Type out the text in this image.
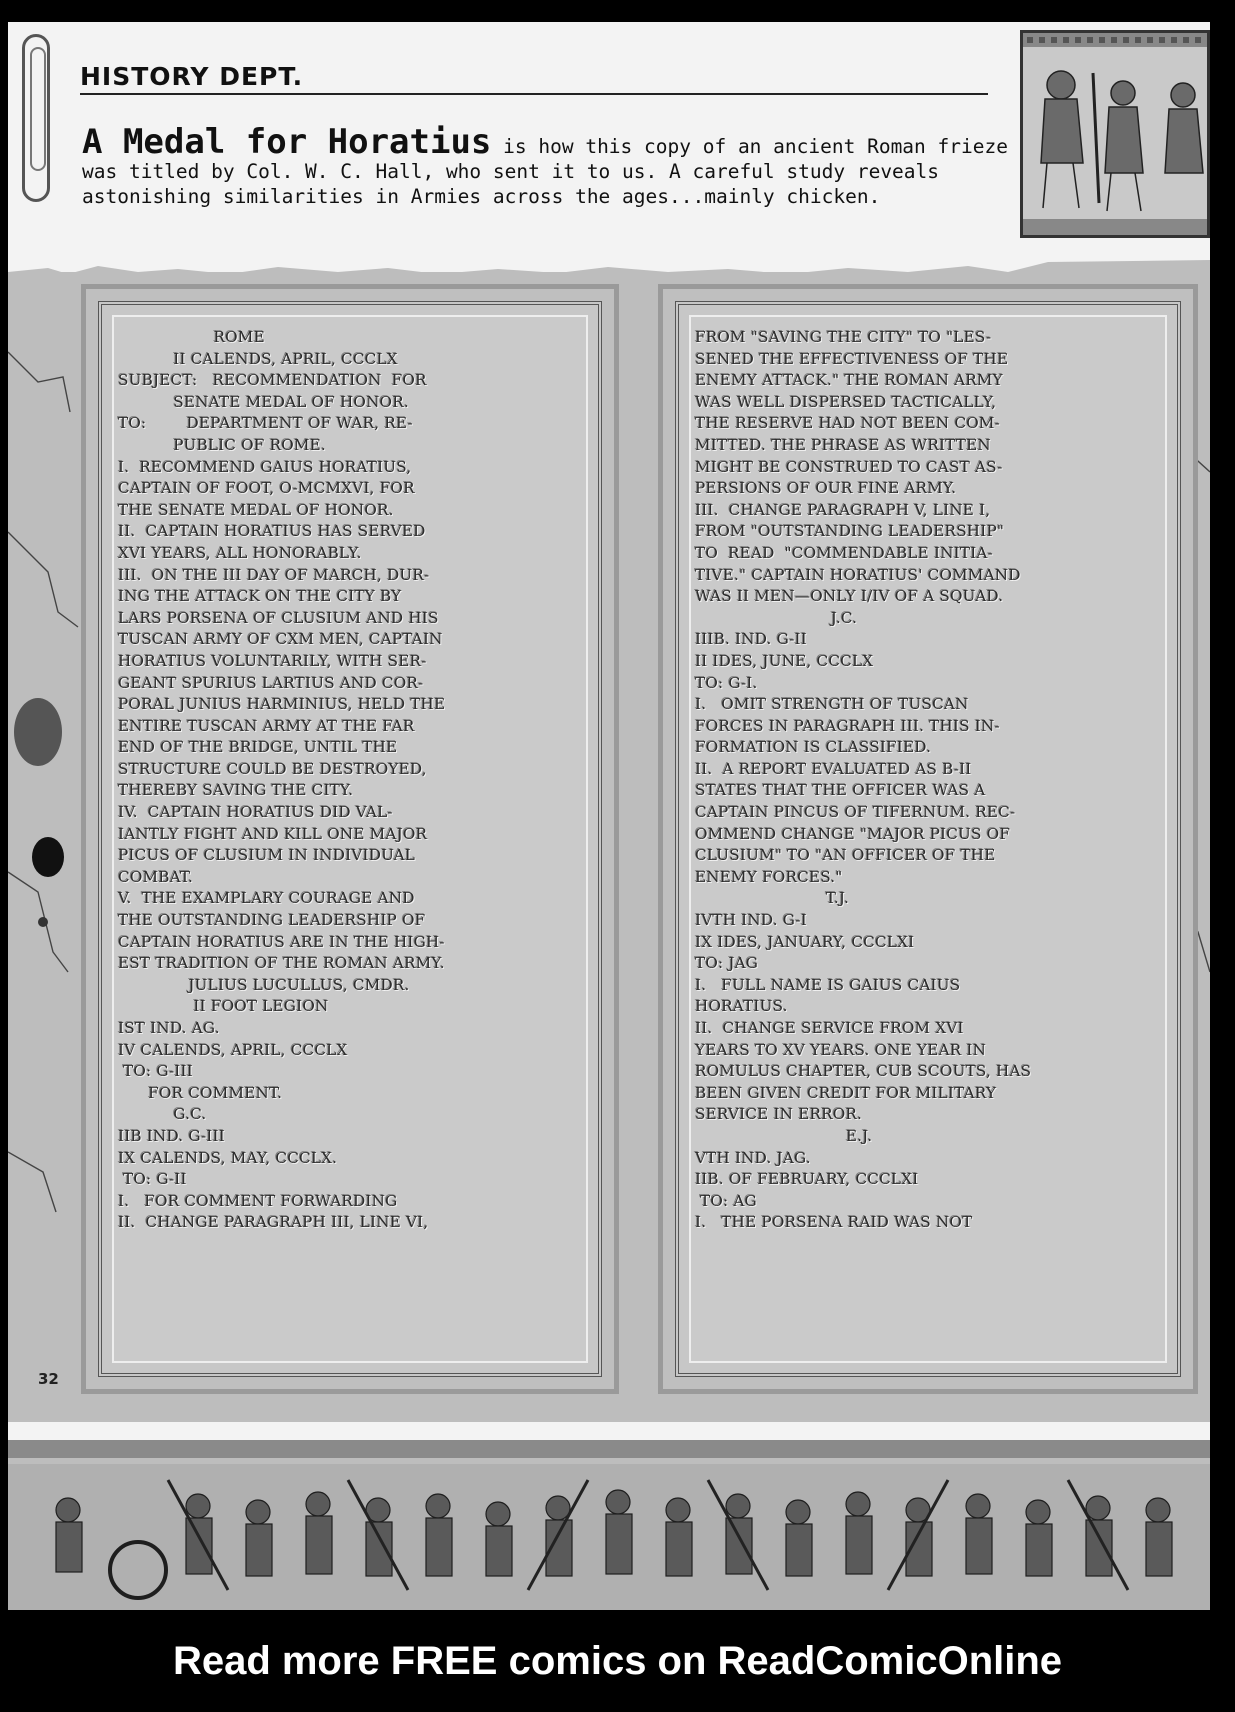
HISTORY DEPT.
A Medal for Horatius is how this copy of an ancient Roman frieze was titled by Col. W. C. Hall, who sent it to us. A careful study reveals astonishing similarities in Armies across the ages...mainly chicken.
ROME
II CALENDS, APRIL, CCCLX
SUBJECT:   RECOMMENDATION  FOR
SENATE MEDAL OF HONOR.
TO:        DEPARTMENT OF WAR, RE-
PUBLIC OF ROME.
I.  RECOMMEND GAIUS HORATIUS,
CAPTAIN OF FOOT, O-MCMXVI, FOR
THE SENATE MEDAL OF HONOR.
II.  CAPTAIN HORATIUS HAS SERVED
XVI YEARS, ALL HONORABLY.
III.  ON THE III DAY OF MARCH, DUR-
ING THE ATTACK ON THE CITY BY
LARS PORSENA OF CLUSIUM AND HIS
TUSCAN ARMY OF CXM MEN, CAPTAIN
HORATIUS VOLUNTARILY, WITH SER-
GEANT SPURIUS LARTIUS AND COR-
PORAL JUNIUS HARMINIUS, HELD THE
ENTIRE TUSCAN ARMY AT THE FAR
END OF THE BRIDGE, UNTIL THE
STRUCTURE COULD BE DESTROYED,
THEREBY SAVING THE CITY.
IV.  CAPTAIN HORATIUS DID VAL-
IANTLY FIGHT AND KILL ONE MAJOR
PICUS OF CLUSIUM IN INDIVIDUAL
COMBAT.
V.  THE EXAMPLARY COURAGE AND
THE OUTSTANDING LEADERSHIP OF
CAPTAIN HORATIUS ARE IN THE HIGH-
EST TRADITION OF THE ROMAN ARMY.
JULIUS LUCULLUS, CMDR.
II FOOT LEGION
IST IND. AG.
IV CALENDS, APRIL, CCCLX
TO: G-III
FOR COMMENT.
G.C.
IIB IND. G-III
IX CALENDS, MAY, CCCLX.
TO: G-II
I.   FOR COMMENT FORWARDING
II.  CHANGE PARAGRAPH III, LINE VI,
FROM "SAVING THE CITY" TO "LES-
SENED THE EFFECTIVENESS OF THE
ENEMY ATTACK." THE ROMAN ARMY
WAS WELL DISPERSED TACTICALLY,
THE RESERVE HAD NOT BEEN COM-
MITTED. THE PHRASE AS WRITTEN
MIGHT BE CONSTRUED TO CAST AS-
PERSIONS OF OUR FINE ARMY.
III.  CHANGE PARAGRAPH V, LINE I,
FROM "OUTSTANDING LEADERSHIP"
TO  READ  "COMMENDABLE INITIA-
TIVE." CAPTAIN HORATIUS' COMMAND
WAS II MEN—ONLY I/IV OF A SQUAD.
J.C.
IIIB. IND. G-II
II IDES, JUNE, CCCLX
TO: G-I.
I.   OMIT STRENGTH OF TUSCAN
FORCES IN PARAGRAPH III. THIS IN-
FORMATION IS CLASSIFIED.
II.  A REPORT EVALUATED AS B-II
STATES THAT THE OFFICER WAS A
CAPTAIN PINCUS OF TIFERNUM. REC-
OMMEND CHANGE "MAJOR PICUS OF
CLUSIUM" TO "AN OFFICER OF THE
ENEMY FORCES."
T.J.
IVTH IND. G-I
IX IDES, JANUARY, CCCLXI
TO: JAG
I.   FULL NAME IS GAIUS CAIUS
HORATIUS.
II.  CHANGE SERVICE FROM XVI
YEARS TO XV YEARS. ONE YEAR IN
ROMULUS CHAPTER, CUB SCOUTS, HAS
BEEN GIVEN CREDIT FOR MILITARY
SERVICE IN ERROR.
E.J.
VTH IND. JAG.
IIB. OF FEBRUARY, CCCLXI
TO: AG
I.   THE PORSENA RAID WAS NOT
32
Read more FREE comics on ReadComicOnline
